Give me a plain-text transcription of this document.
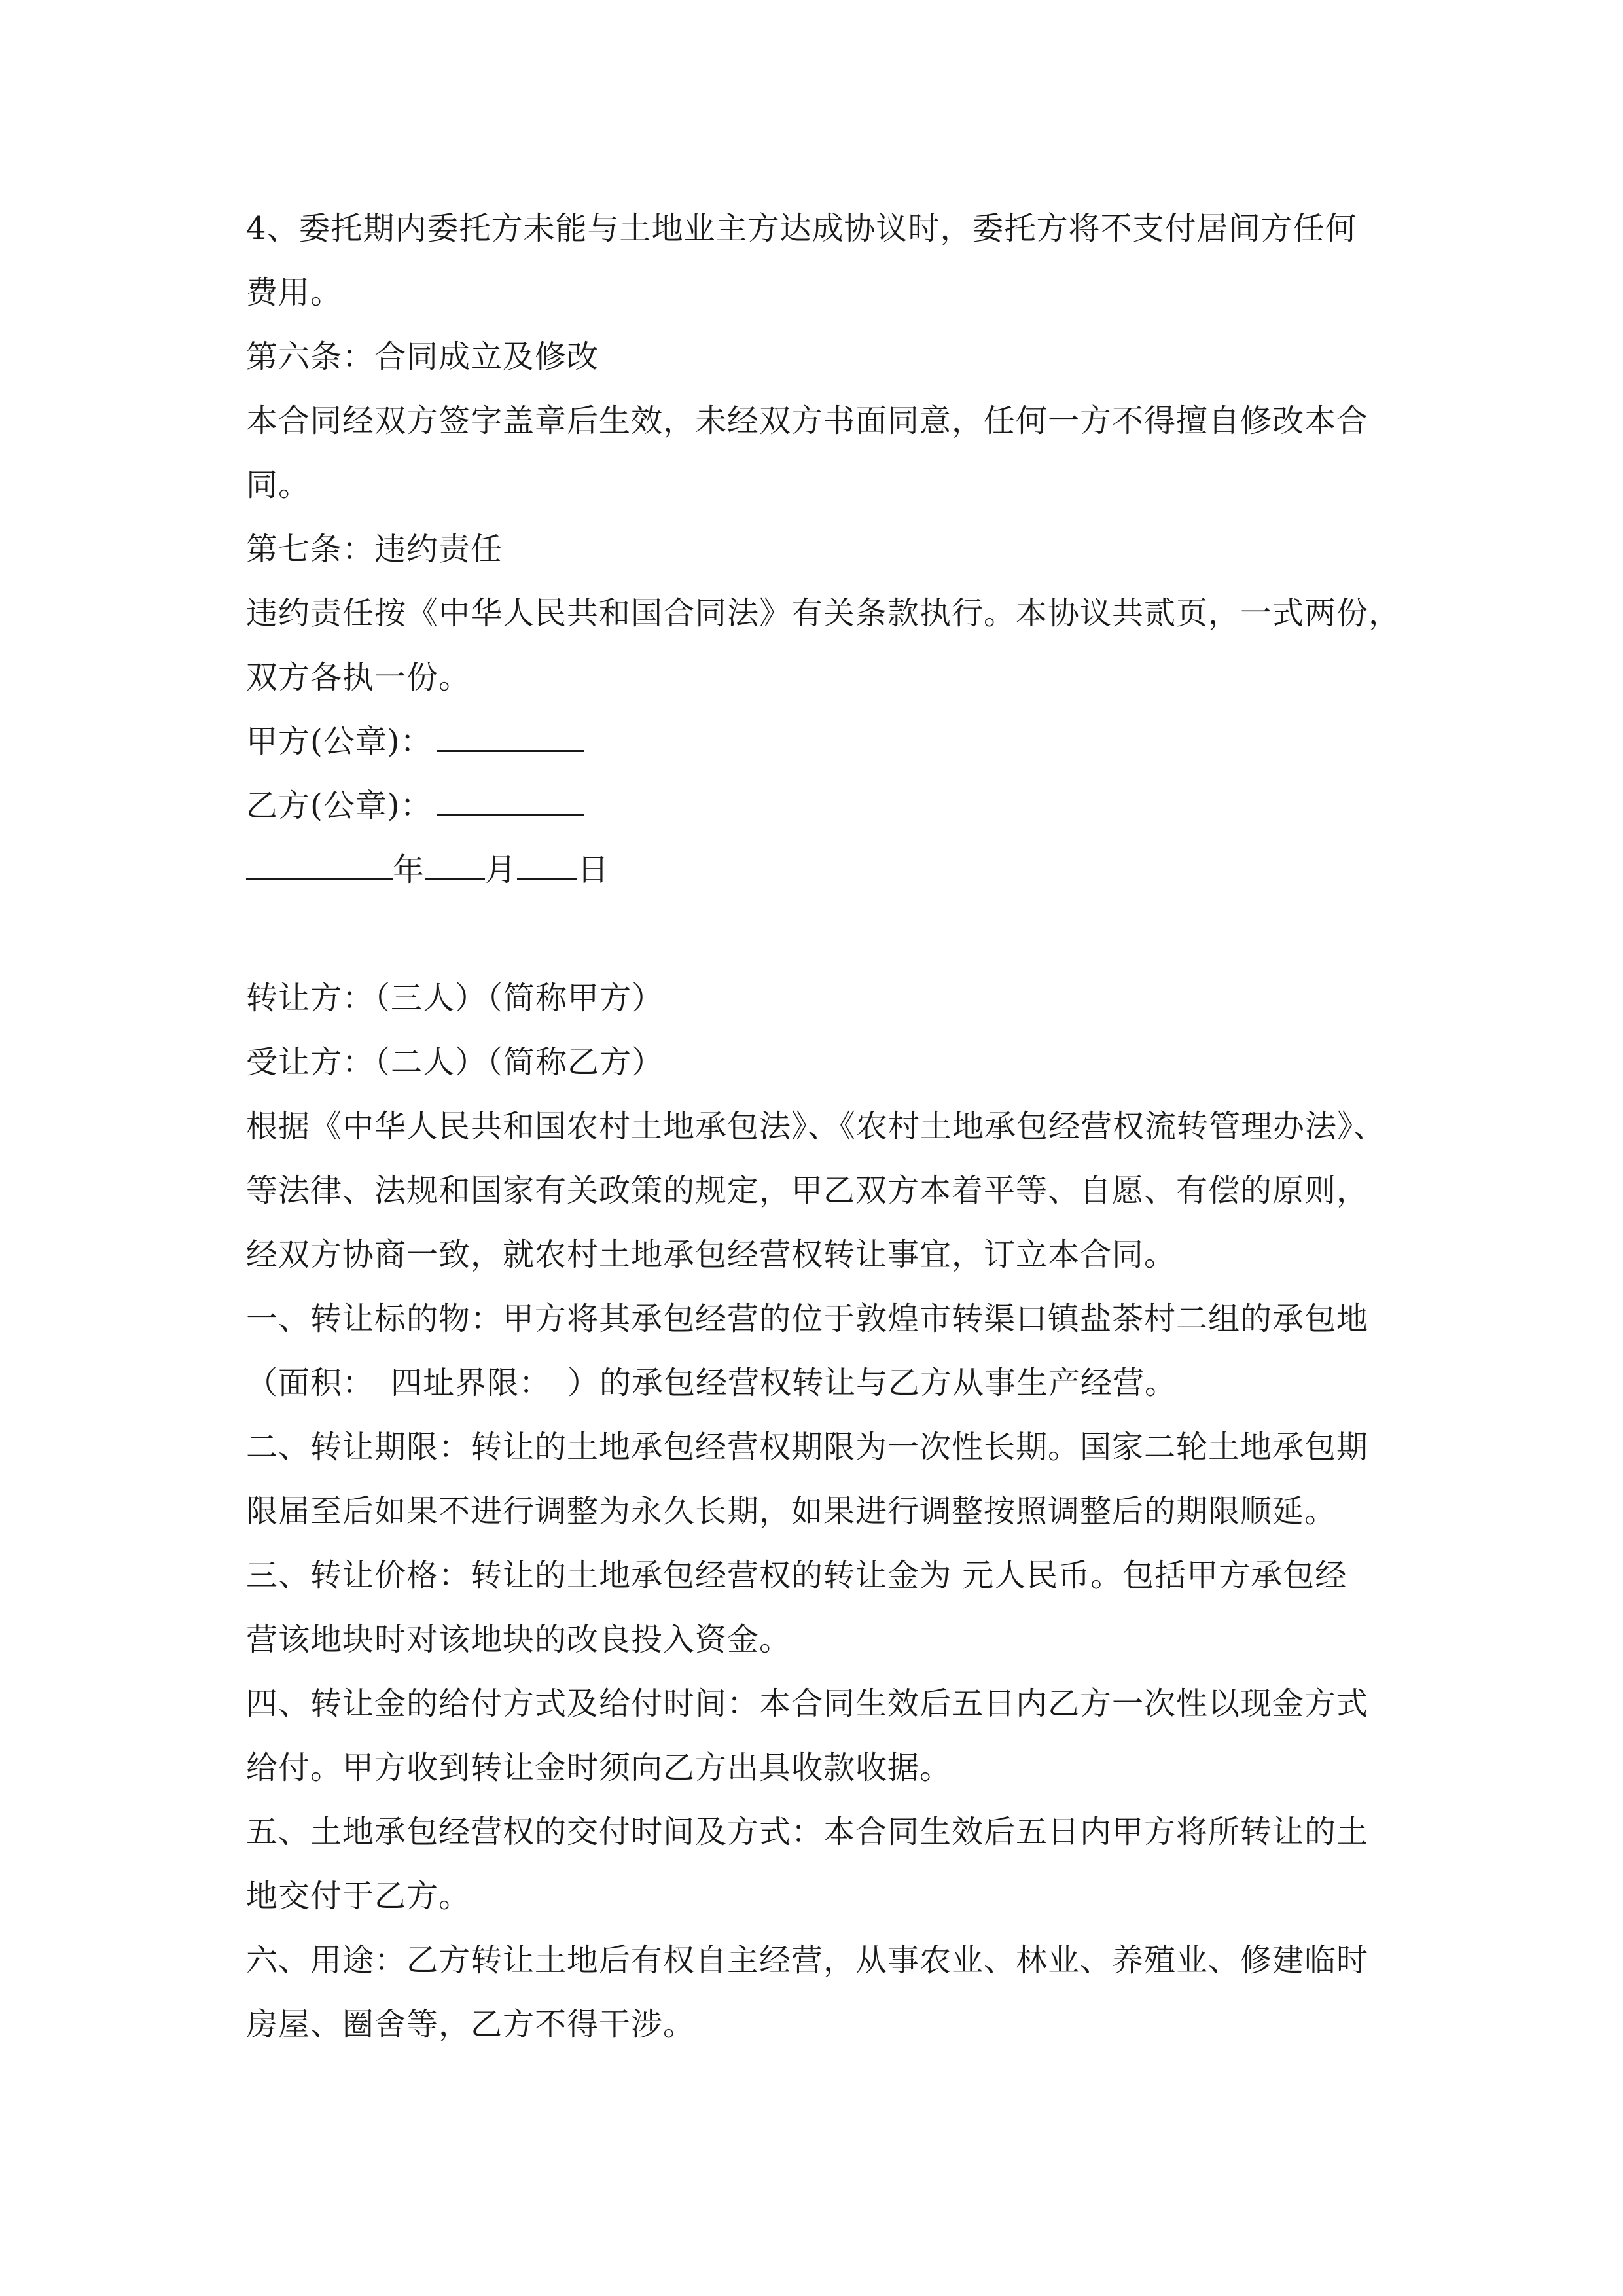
4、委托期内委托方未能与土地业主方达成协议时，委托方将不支付居间方任何
费用。
第六条：合同成立及修改
本合同经双方签字盖章后生效，未经双方书面同意，任何一方不得擅自修改本合
同。
第七条：违约责任
违约责任按《中华人民共和国合同法》有关条款执行。本协议共贰页，一式两份，
双方各执一份。
甲方(公章)：
乙方(公章)：
年 月 日
转让方：（三人）（简称甲方）
受让方：（二人）（简称乙方）
根据《中华人民共和国农村土地承包法》、《农村土地承包经营权流转管理办法》、
等法律、法规和国家有关政策的规定，甲乙双方本着平等、自愿、有偿的原则，
经双方协商一致，就农村土地承包经营权转让事宜，订立本合同。
一、转让标的物：甲方将其承包经营的位于敦煌市转渠口镇盐茶村二组的承包地
（面积：　四址界限：　）的承包经营权转让与乙方从事生产经营。
二、转让期限：转让的土地承包经营权期限为一次性长期。国家二轮土地承包期
限届至后如果不进行调整为永久长期，如果进行调整按照调整后的期限顺延。
三、转让价格：转让的土地承包经营权的转让金为 元人民币。包括甲方承包经
营该地块时对该地块的改良投入资金。
四、转让金的给付方式及给付时间：本合同生效后五日内乙方一次性以现金方式
给付。甲方收到转让金时须向乙方出具收款收据。
五、土地承包经营权的交付时间及方式：本合同生效后五日内甲方将所转让的土
地交付于乙方。
六、用途：乙方转让土地后有权自主经营，从事农业、林业、养殖业、修建临时
房屋、圈舍等，乙方不得干涉。
